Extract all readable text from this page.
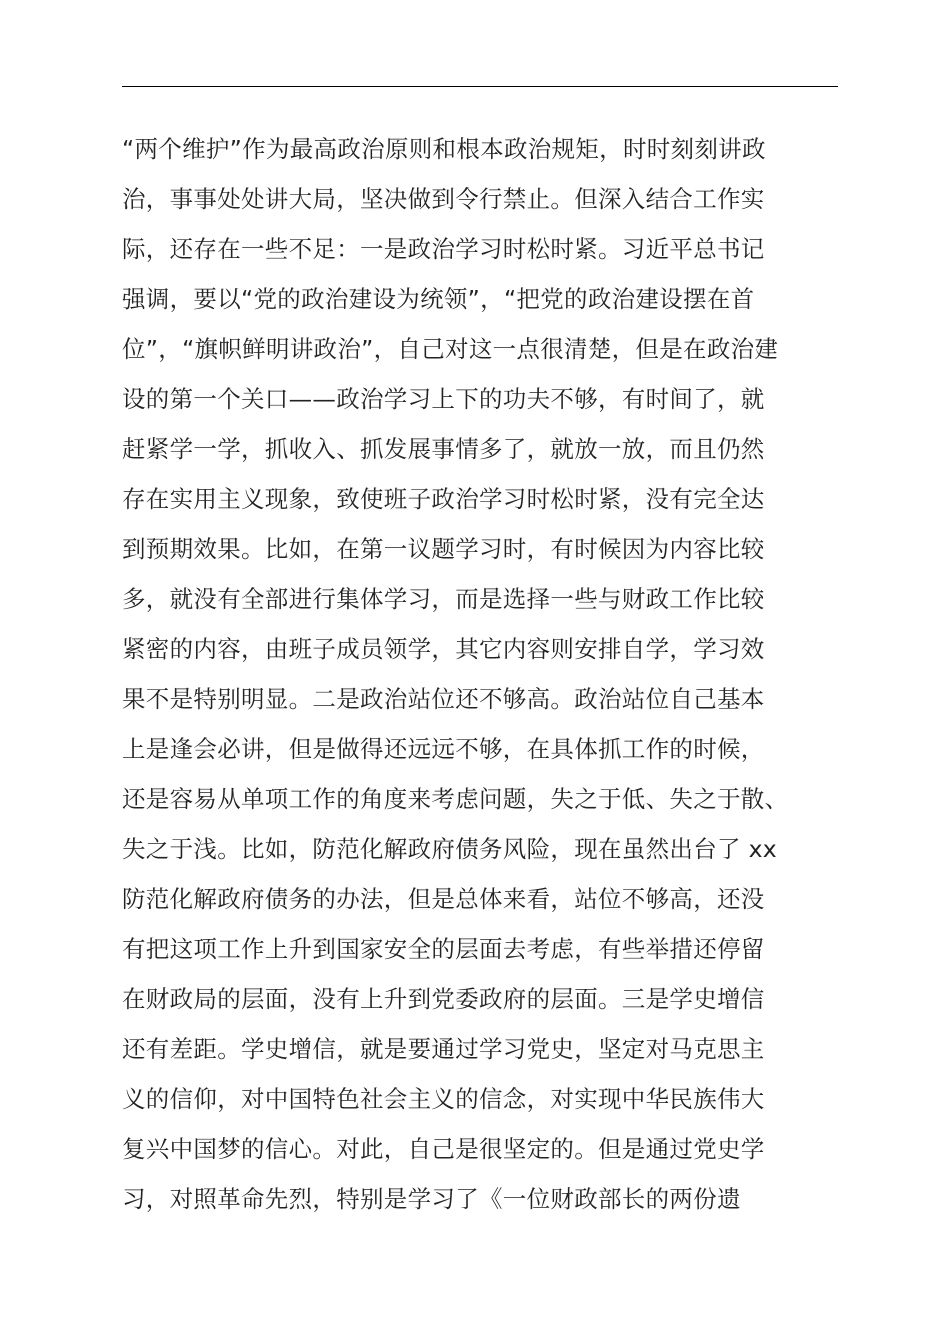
“两个维护”作为最高政治原则和根本政治规矩，时时刻刻讲政
治，事事处处讲大局，坚决做到令行禁止。但深入结合工作实
际，还存在一些不足：一是政治学习时松时紧。习近平总书记
强调，要以“党的政治建设为统领”，“把党的政治建设摆在首
位”，“旗帜鲜明讲政治”，自己对这一点很清楚，但是在政治建
设的第一个关口——政治学习上下的功夫不够，有时间了，就
赶紧学一学，抓收入、抓发展事情多了，就放一放，而且仍然
存在实用主义现象，致使班子政治学习时松时紧，没有完全达
到预期效果。比如，在第一议题学习时，有时候因为内容比较
多，就没有全部进行集体学习，而是选择一些与财政工作比较
紧密的内容，由班子成员领学，其它内容则安排自学，学习效
果不是特别明显。二是政治站位还不够高。政治站位自己基本
上是逢会必讲，但是做得还远远不够，在具体抓工作的时候，
还是容易从单项工作的角度来考虑问题，失之于低、失之于散、
失之于浅。比如，防范化解政府债务风险，现在虽然出台了 xx
防范化解政府债务的办法，但是总体来看，站位不够高，还没
有把这项工作上升到国家安全的层面去考虑，有些举措还停留
在财政局的层面，没有上升到党委政府的层面。三是学史增信
还有差距。学史增信，就是要通过学习党史，坚定对马克思主
义的信仰，对中国特色社会主义的信念，对实现中华民族伟大
复兴中国梦的信心。对此，自己是很坚定的。但是通过党史学
习，对照革命先烈，特别是学习了《一位财政部长的两份遗
